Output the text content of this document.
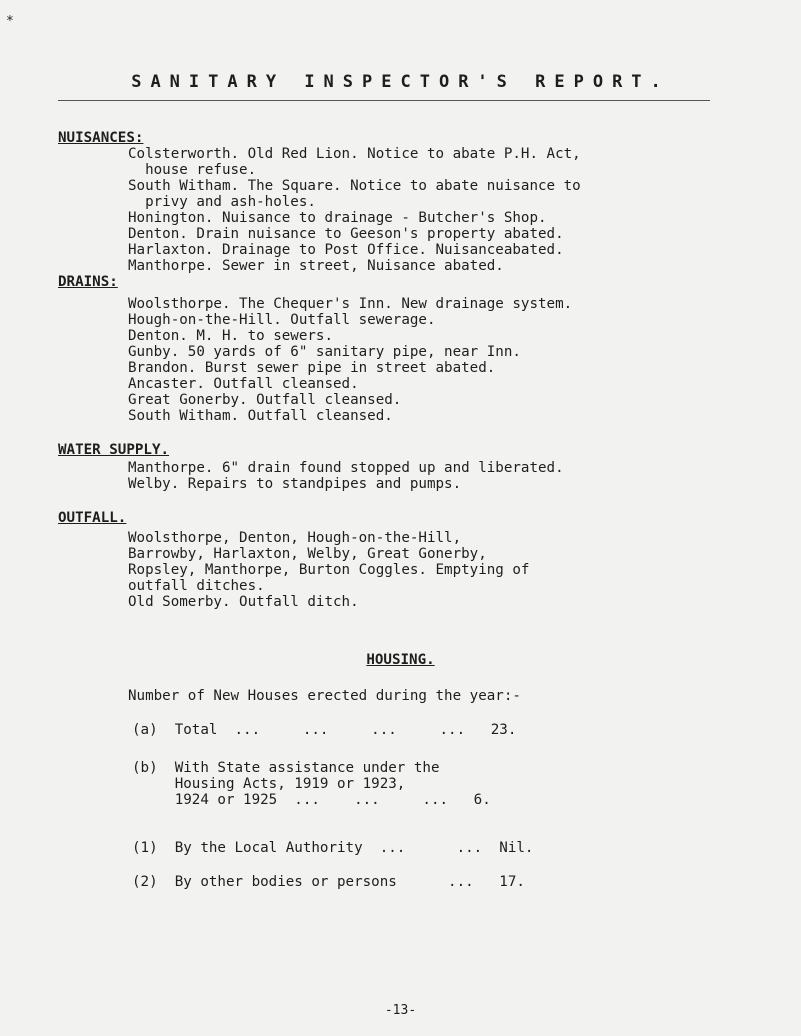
*
SANITARY INSPECTOR'S REPORT.
NUISANCES:
Colsterworth. Old Red Lion. Notice to abate P.H. Act,
house refuse.
South Witham. The Square. Notice to abate nuisance to
privy and ash-holes.
Honington. Nuisance to drainage - Butcher's Shop.
Denton. Drain nuisance to Geeson's property abated.
Harlaxton. Drainage to Post Office. Nuisanceabated.
Manthorpe. Sewer in street, Nuisance abated.
DRAINS:
Woolsthorpe. The Chequer's Inn. New drainage system.
Hough-on-the-Hill. Outfall sewerage.
Denton. M. H. to sewers.
Gunby. 50 yards of 6" sanitary pipe, near Inn.
Brandon. Burst sewer pipe in street abated.
Ancaster. Outfall cleansed.
Great Gonerby. Outfall cleansed.
South Witham. Outfall cleansed.
WATER SUPPLY.
Manthorpe. 6" drain found stopped up and liberated.
Welby. Repairs to standpipes and pumps.
OUTFALL.
Woolsthorpe, Denton, Hough-on-the-Hill,
Barrowby, Harlaxton, Welby, Great Gonerby,
Ropsley, Manthorpe, Burton Coggles. Emptying of
outfall ditches.
Old Somerby. Outfall ditch.
HOUSING.
Number of New Houses erected during the year:-
(a)  Total  ...     ...     ...     ...   23.
(b)  With State assistance under the
Housing Acts, 1919 or 1923,
1924 or 1925  ...    ...     ...   6.
(1)  By the Local Authority  ...      ...  Nil.
(2)  By other bodies or persons      ...   17.
-13-
